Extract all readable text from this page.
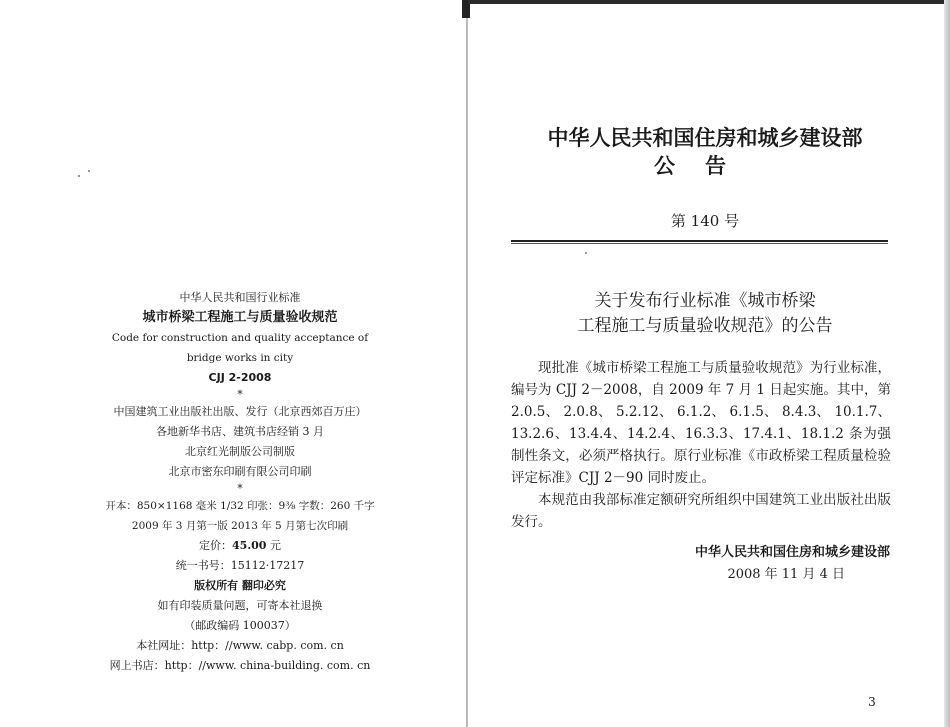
中华人民共和国行业标准
城市桥梁工程施工与质量验收规范
Code for construction and quality acceptance of
bridge works in city
CJJ 2-2008
*
中国建筑工业出版社出版、发行（北京西郊百万庄）
各地新华书店、建筑书店经销 3 月
北京红光制版公司制版
北京市密东印刷有限公司印刷
*
开本：850×1168 毫米 1/32 印张：9⅜ 字数：260 千字
2009 年 3 月第一版 2013 年 5 月第七次印刷
定价：45.00 元
统一书号：15112·17217
版权所有 翻印必究
如有印装质量问题，可寄本社退换
（邮政编码 100037）
本社网址：http：//www. cabp. com. cn
网上书店：http：//www. china-building. com. cn
中华人民共和国住房和城乡建设部
公告
第 140 号
关于发布行业标准《城市桥梁
工程施工与质量验收规范》的公告

现批准《城市桥梁工程施工与质量验收规范》为行业标准，编号为 CJJ 2－2008，自 2009 年 7 月 1 日起实施。其中，第 2.0.5、 2.0.8、 5.2.12、 6.1.2、 6.1.5、 8.4.3、 10.1.7、 13.2.6、13.4.4、14.2.4、16.3.3、17.4.1、18.1.2 条为强制性条文，必须严格执行。原行业标准《市政桥梁工程质量检验评定标准》CJJ 2－90 同时废止。

本规范由我部标准定额研究所组织中国建筑工业出版社出版发行。

中华人民共和国住房和城乡建设部
2008 年 11 月 4 日
3
